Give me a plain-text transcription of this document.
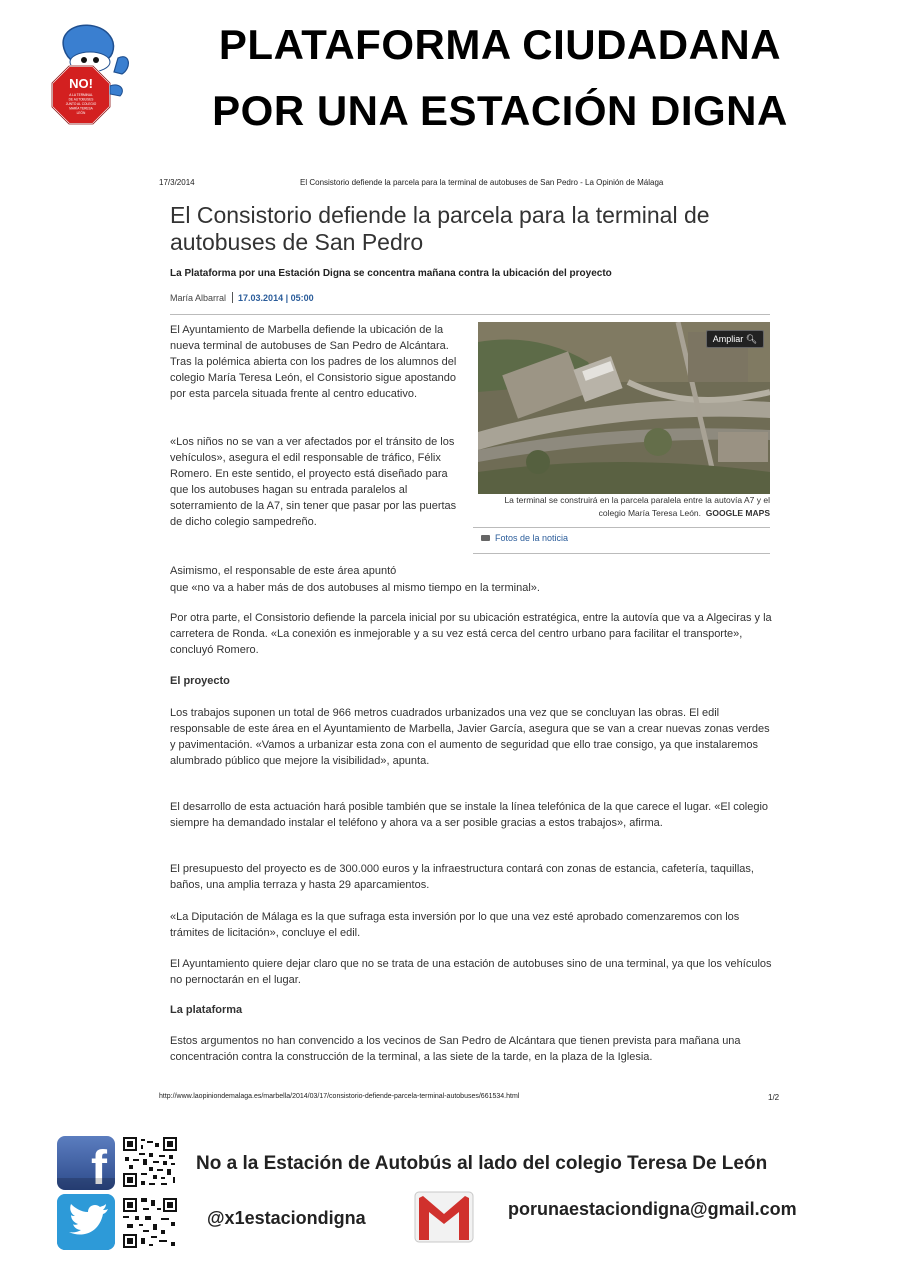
NO!
A LA TERMINAL
DE AUTOBUSES
JUNTO AL COLEGIO
MARÍA TERESA
LEÓN
PLATAFORMA CIUDADANA
POR UNA ESTACIÓN DIGNA
17/3/2014	El Consistorio defiende la parcela para la terminal de autobuses de San Pedro - La Opinión de Málaga
El Consistorio defiende la parcela para la terminal de autobuses de San Pedro
La Plataforma por una Estación Digna se concentra mañana contra la ubicación del proyecto
María Albarral 17.03.2014 | 05:00
El Ayuntamiento de Marbella defiende la ubicación de la nueva terminal de autobuses de San Pedro de Alcántara. Tras la polémica abierta con los padres de los alumnos del colegio María Teresa León, el Consistorio sigue apostando por esta parcela situada frente al centro educativo.
«Los niños no se van a ver afectados por el tránsito de los vehículos», asegura el edil responsable de tráfico, Félix Romero. En este sentido, el proyecto está diseñado para que los autobuses hagan su entrada paralelos al soterramiento de la A7, sin tener que pasar por las puertas de dicho colegio sampedreño.
Asimismo, el responsable de este área apuntó
que «no va a haber más de dos autobuses al mismo tiempo en la terminal».
Por otra parte, el Consistorio defiende la parcela inicial por su ubicación estratégica, entre la autovía que va a Algeciras y la carretera de Ronda. «La conexión es inmejorable y a su vez está cerca del centro urbano para facilitar el transporte», concluyó Romero.
El proyecto
Los trabajos suponen un total de 966 metros cuadrados urbanizados una vez que se concluyan las obras. El edil responsable de este área en el Ayuntamiento de Marbella, Javier García, asegura que se van a crear nuevas zonas verdes y pavimentación. «Vamos a urbanizar esta zona con el aumento de seguridad que ello trae consigo, ya que instalaremos alumbrado público que mejore la visibilidad», apunta.
El desarrollo de esta actuación hará posible también que se instale la línea telefónica de la que carece el lugar. «El colegio siempre ha demandado instalar el teléfono y ahora va a ser posible gracias a estos trabajos», afirma.
El presupuesto del proyecto es de 300.000 euros y la infraestructura contará con zonas de estancia, cafetería, taquillas, baños, una amplia terraza y hasta 29 aparcamientos.
«La Diputación de Málaga es la que sufraga esta inversión por lo que una vez esté aprobado comenzaremos con los trámites de licitación», concluye el edil.
El Ayuntamiento quiere dejar claro que no se trata de una estación de autobuses sino de una terminal, ya que los vehículos no pernoctarán en el lugar.
La plataforma
Estos argumentos no han convencido a los vecinos de San Pedro de Alcántara que tienen prevista para mañana una concentración contra la construcción de la terminal, a las siete de la tarde, en la plaza de la Iglesia.
Ampliar 🔍︎
La terminal se construirá en la parcela paralela entre la autovía A7 y el colegio María Teresa León. GOOGLE MAPS
Fotos de la noticia
http://www.laopiniondemalaga.es/marbella/2014/03/17/consistorio-defiende-parcela-terminal-autobuses/661534.html	1/2
f	No a la Estación de Autobús al lado del colegio Teresa De León
@x1estaciondigna	porunaestaciondigna@gmail.com
